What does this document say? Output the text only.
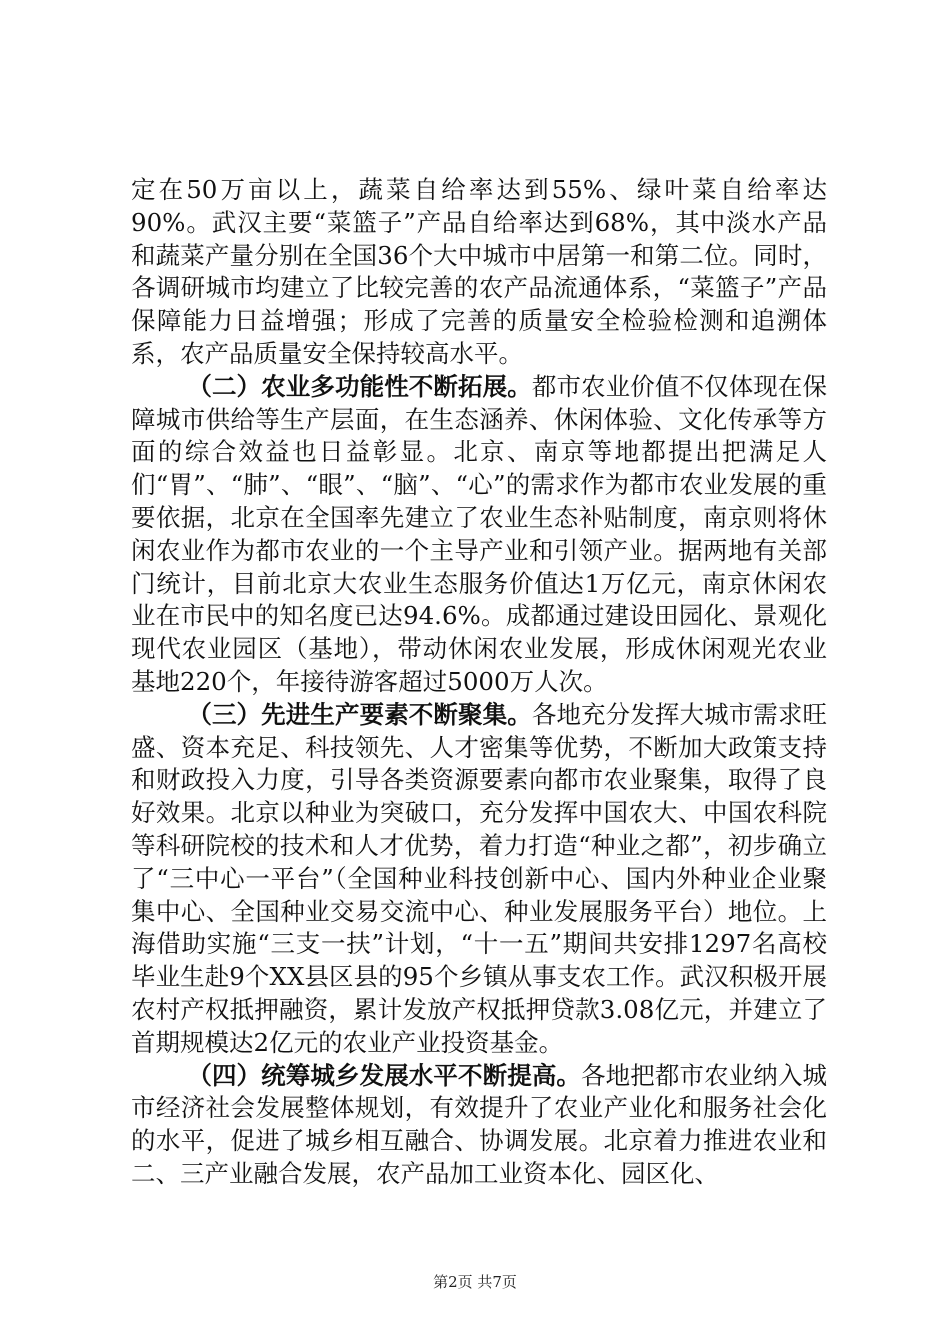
定在50万亩以上，蔬菜自给率达到55%、绿叶菜自给率达90%。武汉主要“菜篮子”产品自给率达到68%，其中淡水产品和蔬菜产量分别在全国36个大中城市中居第一和第二位。同时，各调研城市均建立了比较完善的农产品流通体系，“菜篮子”产品保障能力日益增强；形成了完善的质量安全检验检测和追溯体系，农产品质量安全保持较高水平。

（二）农业多功能性不断拓展。都市农业价值不仅体现在保障城市供给等生产层面，在生态涵养、休闲体验、文化传承等方面的综合效益也日益彰显。北京、南京等地都提出把满足人们“胃”、“肺”、“眼”、“脑”、“心”的需求作为都市农业发展的重要依据，北京在全国率先建立了农业生态补贴制度，南京则将休闲农业作为都市农业的一个主导产业和引领产业。据两地有关部门统计，目前北京大农业生态服务价值达1万亿元，南京休闲农业在市民中的知名度已达94.6%。成都通过建设田园化、景观化现代农业园区（基地），带动休闲农业发展，形成休闲观光农业基地220个，年接待游客超过5000万人次。

（三）先进生产要素不断聚集。各地充分发挥大城市需求旺盛、资本充足、科技领先、人才密集等优势，不断加大政策支持和财政投入力度，引导各类资源要素向都市农业聚集，取得了良好效果。北京以种业为突破口，充分发挥中国农大、中国农科院等科研院校的技术和人才优势，着力打造“种业之都”，初步确立了“三中心一平台”（全国种业科技创新中心、国内外种业企业聚集中心、全国种业交易交流中心、种业发展服务平台）地位。上海借助实施“三支一扶”计划，“十一五”期间共安排1297名高校毕业生赴9个XX县区县的95个乡镇从事支农工作。武汉积极开展农村产权抵押融资，累计发放产权抵押贷款3.08亿元，并建立了首期规模达2亿元的农业产业投资基金。

（四）统筹城乡发展水平不断提高。各地把都市农业纳入城市经济社会发展整体规划，有效提升了农业产业化和服务社会化的水平，促进了城乡相互融合、协调发展。北京着力推进农业和二、三产业融合发展，农产品加工业资本化、园区化、

第2页 共7页
